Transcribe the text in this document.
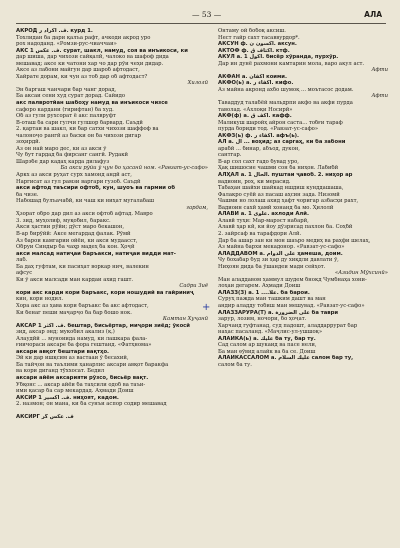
— 53 —	АЛА
АКРОД ف. اکراد ر. курд 1.
Тохлидан ба дари қалъа рафт, ачкоди акрод уро
рох надоданд. «Ромзи-рус-чиаччаи»
АКС ف. عکس 1. сурат, шакл, намуд, соя ва инъикоси, ки
дар шиша, дар чихози сайқалӣ, чалоко ва шафоф дида
мешавад; аксе ки чатони хар чо дар рӯи чеҳи дидар.
Аксе аз лабони майгун дар шароб афтодаст,
Хайрате дорам, ки чун аз тоб дар об афтодаст?
Хилолӣ
Эн баргаш чанчари бар чанг дорад,
Ба аксаи сени худ сурат дорад. Сайидо
акс палвротйан шабоҳу намуд ва инъикоси чизсе
сафоро кардани (гирифтан) ба худ.
Об аз гули рухсорат ё акс палвруфт
В-оташ ба сари гулчи гулшор барвард. Саъдӣ
2. қартаи ва шакл, ки бар сатхи чихози шаффоф ва
чалоноҷо рангӣ аз баски он ба чихози дигар
зоҳирдӣ.
Аз он най маро дес, ки аз акси ў
Чу бут гардад ба фирсанг сангӣ. Рудакӣ
Шарэбе дар кадаҳ карда дилафуз
Ба акси рўйи ў ҷун бо ҳасанӣ ном. «Равзат-ус-сафо»
Аркх аз акси руҳат сурх хамонд андӣ аст,
Наргисат аз гул рамзи варгари гузоб. Саъдӣ
акси афтод таъсири офтоб, кун, шуоъ ва гармии об
ба чизе.
Набошад булъачабӣ, ки чаш ки ниҳат мугалабаш
гардам,
Ҳзорат обро дар дил аз акси офтоб афтад. Мавро
3. зид, муҳолиф, муқобил, баракс.
Акси ҳастии рӯйи; дӯст маро бекашон,
В-ар бирӯйӣ: Аксе мегардад фалак. Рӯмӣ
Аз барои камгарии ойёи, ки акси мудаасст,
Обруи Синдыр ба чаҳр мадеҳ ба кон. Ҳоҷӣ
акси малсад натиҷаи баръакси, натиҷаи видди мат-
лаб.
Ба даҳ гуфтам, ки пасиҳат воркар ниҷ, валекин
афсус
Ки ў акси малсади ман кардаи ахид гашт.
Садри Зиё
кори акс карди кори баръакс, кори ношудий ва гайриниҷ
кин, кори нодил.
Хора акс аз ҳава кори баръакс ба акс афтодаст,
Ки бенаг пеши маҷарҷо ба бар бошо нок.
Камтан Хуҷанӣ
АКСАР ف. اکثر 1. бештар, бисьёртар, миҷори зиёд; ӯкосӣ
зид, аксар әнд; мукобил акализ (қ.)
Алаудӣй ... муноиида намуд, ки лашкара фала-
ғиичораси аксаре ба фора гештанд. «Фатҳнома»
аксари авқот бештари вақтҳо.
Эй ки дар ишқсим аз вастааи ӯ бесахий,
Ба тайҷон ва таълими ҳанарлис аксари авқот баракфа
ва кори диганд тӯххосат. Бедил
аксари айём аксарияти рӯзсо, бисьёр вақт.
Ӯбқонс ... аксар айёи ба таҳсили одоб ва таъи-
ими қасар ба сар мекардад. Аҳмади Доиш
АКСИР ف. اکسیر 1. ниҳоят, кадом.
2. назмон; он мана, ки ба сунъи аспор содир мешавад
АКСИРГ ف. عکس گر
Онтаму ой бобоқ аксиш.
Нест гайр сахт тасаввурдор*.
АКСУН ф. اکسون ن. аксун.
АКТОФ ф. اکتاف ق. ктф.
АКУЛ а. اکول 1. бисёр хӯранда, пурхӯр.
Дар ин дунё рахмони камтарин мола, варо акул аст.
Афти
АКФАН а. اکفان коими.
АКФО(ь) а. اکفاء ر. кифо.
Аз майна акронд ахбо шумоқ ... моътасос додам.
Афти
Таваддуд талабёй мальдрпи акфо ва акфи пурда
таволад. «Ахлоқи Носирӣ»
АКФ(ф) а. اکف ق. кафф.
Маликуш шаройҳ айрон саста... тобғи тараф
пурда бориди тод. «Равзат-ус-сафо»
АКФЗ(ь) ф. اکفاء ر. афъ(ь).
АЛ а. ال ... воҳид; аз саргаҳ, ки ба забони
арабӣ ... бинар, абъод, дукон,
сантгар.
В-ар сол сахт гадо бувад уро,
Ҳақ шишосие чашми сон ба ниҳон. Лабибӣ
АЛҲАЛ а. الحال 1. пуштаи ҷавоб. 2. ниҳор ар
вадиоин, роҳ, ки мерасид.
Табаҳан шайхи шайкад ншдиш кунддашаша,
Фалакро суёй аз пасаш аҳсин зада. Низомӣ
Чашми но лолаш ахид ҳафт чоригар азбасҳи рахт,
Вадиоин сахӣ ҳамӣ хонанд ба мо. Ҳилолӣ
АЛАВӢ а. علوی 1. ахлоди Алӣ.
Алавӣ туҳи: Мар-марәст набарӣ,
Алавӣ ҳар кӣ, ки йоу дӯзрисад пахлон ба. Соҳбӣ
2. зайрсаф ва тарафдори Алӣ.
Дар ба ашар зан ки мон шаъро медиҳ ва раҳфи шелаҳ,
Аз майна бархи мекадонор. «Равзат-ус-сафо»
АЛАДДАВОМ а. علی الدوام ҳамеша, доим.
Чу бохабар буд зи ҳар ду хиқдли давлати ӯ,
Ниҳоян дида ба ўшандеи мади сейҳот.
«Азидин Мӯхсинӣ»
Ман аладдавом ҳаммул шудем бнокд Чумбнаҳа хони-
лоҳаи дегарем. Аҳмади Доиш
АЛАЗЗ(З) а. علا.... 1. ба барои.
Суруҳ пажда ман ташким дашт ва ман
андир аладду тобиш ман мешувад. «Равзат-ус-сафо»
АЛАЗЗАРУРА(Т) а. على الضرورة ба таври
зарур, лозим, ночори, бо ҳоҷат.
Харчанд гуфтанад, суд падошт, аладдаррурат бар
наҳас пасаланд. «Маҷлис-ул-ушшоқ»
АЛАЙКА(ь) а. عليك ба ту, бар ту.
Сад салом ар шукаид ва пасе нели,
Ба ман ѳӯвид алайк ва ба се. Доиш
АЛАЙКАССАЛОМ а. عليك السلام салом бар ту,
салом ба ту.
+
